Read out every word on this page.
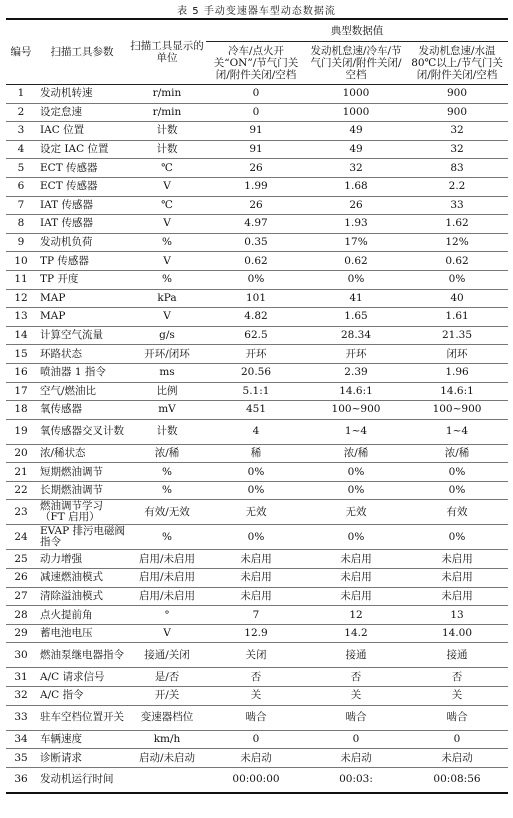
表 5 手动变速器车型动态数据流
编号	扫描工具参数	扫描工具显示的单位	典型数据值		
			冷车/点火开关“ON”/节气门关闭/附件关闭/空档	发动机怠速/冷车/节气门关闭/附件关闭/空档	发动机怠速/水温80℃以上/节气门关闭/附件关闭/空档
1	发动机转速	r/min	0	1000	900
2	设定怠速	r/min	0	1000	900
3	IAC 位置	计数	91	49	32
4	设定 IAC 位置	计数	91	49	32
5	ECT 传感器	℃	26	32	83
6	ECT 传感器	V	1.99	1.68	2.2
7	IAT 传感器	℃	26	26	33
8	IAT 传感器	V	4.97	1.93	1.62
9	发动机负荷	%	0.35	17%	12%
10	TP 传感器	V	0.62	0.62	0.62
11	TP 开度	%	0%	0%	0%
12	MAP	kPa	101	41	40
13	MAP	V	4.82	1.65	1.61
14	计算空气流量	g/s	62.5	28.34	21.35
15	环路状态	开环/闭环	开环	开环	闭环
16	喷油器 1 指令	ms	20.56	2.39	1.96
17	空气/燃油比	比例	5.1:1	14.6:1	14.6:1
18	氧传感器	mV	451	100~900	100~900
19	氧传感器交叉计数	计数	4	1~4	1~4
20	浓/稀状态	浓/稀	稀	浓/稀	浓/稀
21	短期燃油调节	%	0%	0%	0%
22	长期燃油调节	%	0%	0%	0%
23	燃油调节学习（FT 启用）	有效/无效	无效	无效	有效
24	EVAP 排污电磁阀指令	%	0%	0%	0%
25	动力增强	启用/未启用	未启用	未启用	未启用
26	减速燃油模式	启用/未启用	未启用	未启用	未启用
27	清除溢油模式	启用/未启用	未启用	未启用	未启用
28	点火提前角	°	7	12	13
29	蓄电池电压	V	12.9	14.2	14.00
30	燃油泵继电器指令	接通/关闭	关闭	接通	接通
31	A/C 请求信号	是/否	否	否	否
32	A/C 指令	开/关	关	关	关
33	驻车空档位置开关	变速器档位	啮合	啮合	啮合
34	车辆速度	km/h	0	0	0
35	诊断请求	启动/未启动	未启动	未启动	未启动
36	发动机运行时间		00:00:00	00:03:	00:08:56
